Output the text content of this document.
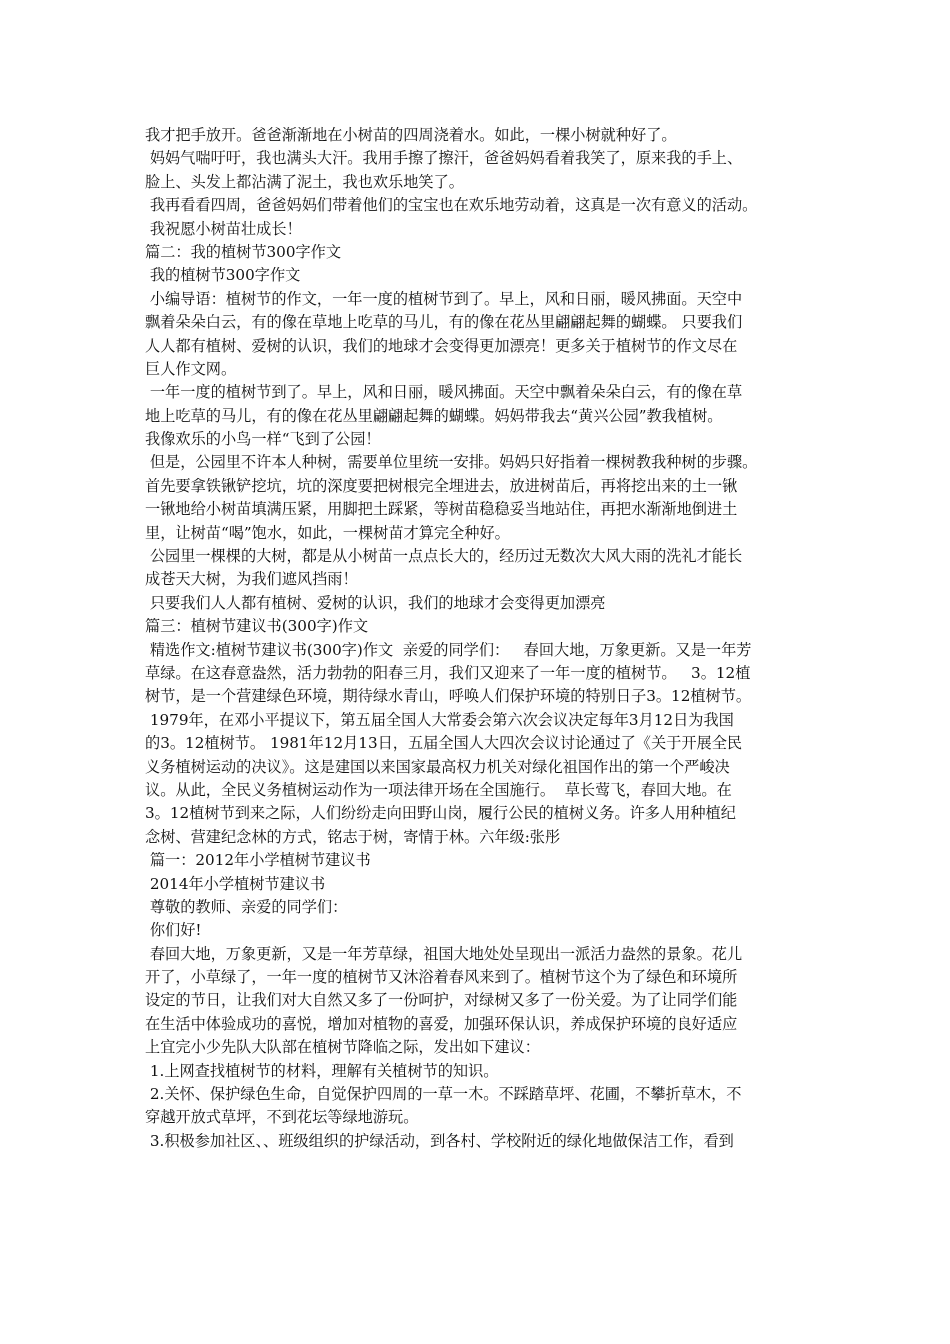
我才把手放开。爸爸渐渐地在小树苗的四周浇着水。如此，一棵小树就种好了。
妈妈气喘吁吁，我也满头大汗。我用手擦了擦汗，爸爸妈妈看着我笑了，原来我的手上、
脸上、头发上都沾满了泥土，我也欢乐地笑了。
我再看看四周，爸爸妈妈们带着他们的宝宝也在欢乐地劳动着，这真是一次有意义的活动。
我祝愿小树苗壮成长！
篇二：我的植树节300字作文
我的植树节300字作文
小编导语：植树节的作文，一年一度的植树节到了。早上，风和日丽，暖风拂面。天空中
飘着朵朵白云，有的像在草地上吃草的马儿，有的像在花丛里翩翩起舞的蝴蝶。 只要我们
人人都有植树、爱树的认识，我们的地球才会变得更加漂亮！更多关于植树节的作文尽在
巨人作文网。
一年一度的植树节到了。早上，风和日丽，暖风拂面。天空中飘着朵朵白云，有的像在草
地上吃草的马儿，有的像在花丛里翩翩起舞的蝴蝶。妈妈带我去“黄兴公园”教我植树。
我像欢乐的小鸟一样“飞到了公园！
但是，公园里不许本人种树，需要单位里统一安排。妈妈只好指着一棵树教我种树的步骤。
首先要拿铁锹铲挖坑，坑的深度要把树根完全埋进去，放进树苗后，再将挖出来的土一锹
一锹地给小树苗填满压紧，用脚把土踩紧，等树苗稳稳妥当地站住，再把水渐渐地倒进土
里，让树苗“喝”饱水，如此，一棵树苗才算完全种好。
公园里一棵棵的大树，都是从小树苗一点点长大的，经历过无数次大风大雨的洗礼才能长
成苍天大树，为我们遮风挡雨！
只要我们人人都有植树、爱树的认识，我们的地球才会变得更加漂亮
篇三：植树节建议书(300字)作文
精选作文:植树节建议书(300字)作文  亲爱的同学们：   春回大地，万象更新。又是一年芳
草绿。在这春意盎然，活力勃勃的阳春三月，我们又迎来了一年一度的植树节。   3。12植
树节，是一个营建绿色环境，期待绿水青山，呼唤人们保护环境的特别日子3。12植树节。
1979年，在邓小平提议下，第五届全国人大常委会第六次会议决定每年3月12日为我国
的3。12植树节。 1981年12月13日，五届全国人大四次会议讨论通过了《关于开展全民
义务植树运动的决议》。这是建国以来国家最高权力机关对绿化祖国作出的第一个严峻决
议。从此，全民义务植树运动作为一项法律开场在全国施行。  草长莺飞，春回大地。在
3。12植树节到来之际，人们纷纷走向田野山岗，履行公民的植树义务。许多人用种植纪
念树、营建纪念林的方式，铭志于树，寄情于林。六年级:张彤
篇一：2012年小学植树节建议书
2014年小学植树节建议书
尊敬的教师、亲爱的同学们：
你们好!
春回大地，万象更新，又是一年芳草绿，祖国大地处处呈现出一派活力盎然的景象。花儿
开了，小草绿了，一年一度的植树节又沐浴着春风来到了。植树节这个为了绿色和环境所
设定的节日，让我们对大自然又多了一份呵护，对绿树又多了一份关爱。为了让同学们能
在生活中体验成功的喜悦，增加对植物的喜爱，加强环保认识，养成保护环境的良好适应
上宜完小少先队大队部在植树节降临之际，发出如下建议：
1.上网查找植树节的材料，理解有关植树节的知识。
2.关怀、保护绿色生命，自觉保护四周的一草一木。不踩踏草坪、花圃，不攀折草木，不
穿越开放式草坪，不到花坛等绿地游玩。
3.积极参加社区、、班级组织的护绿活动，到各村、学校附近的绿化地做保洁工作，看到
